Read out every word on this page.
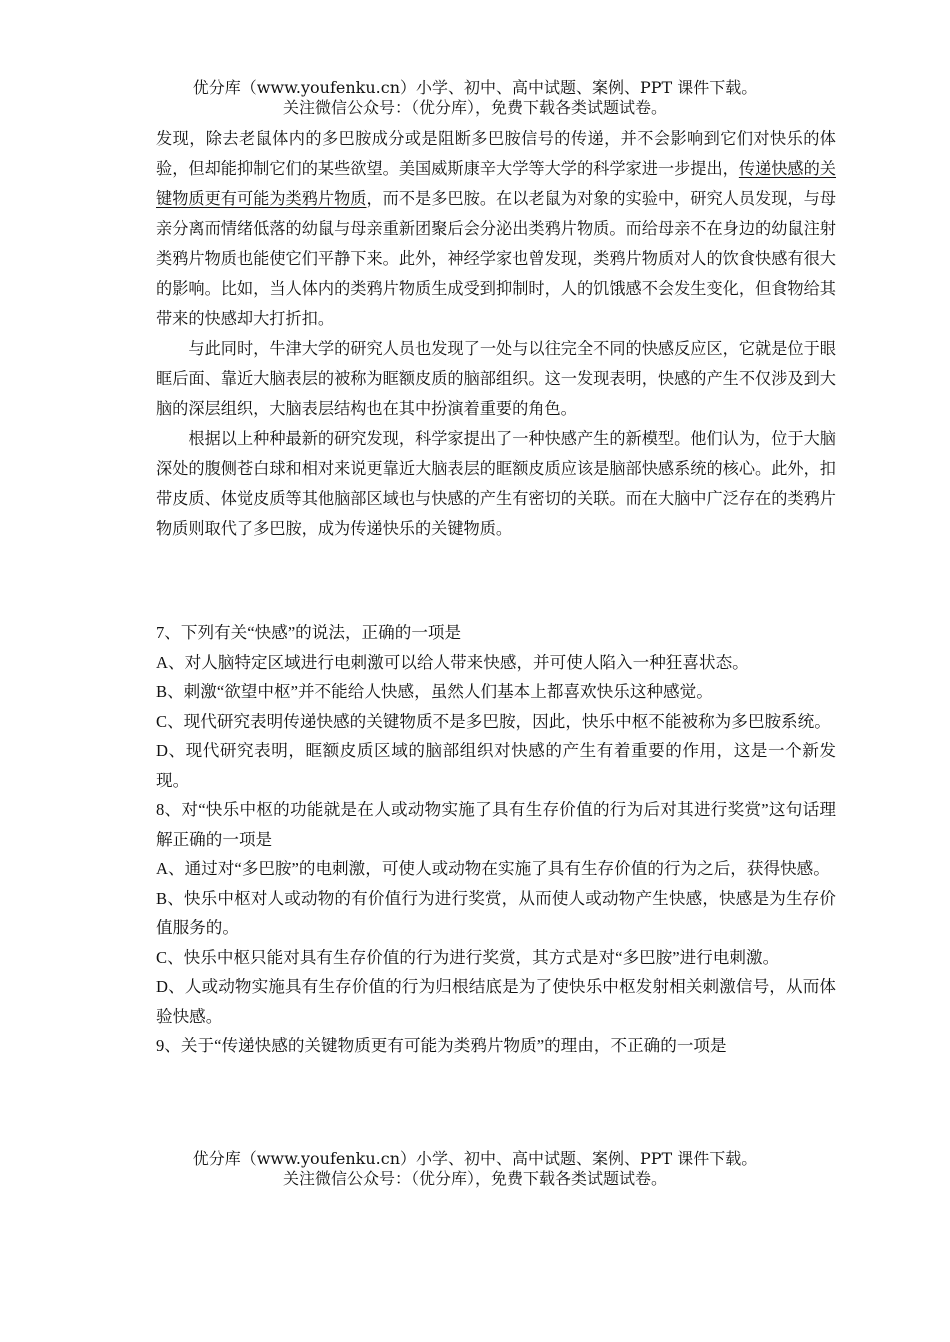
优分库（www.youfenku.cn）小学、初中、高中试题、案例、PPT 课件下载。
关注微信公众号：（优分库），免费下载各类试题试卷。

发现，除去老鼠体内的多巴胺成分或是阻断多巴胺信号的传递，并不会影响到它们对快乐的体验，但却能抑制它们的某些欲望。美国威斯康辛大学等大学的科学家进一步提出，传递快感的关键物质更有可能为类鸦片物质，而不是多巴胺。在以老鼠为对象的实验中，研究人员发现，与母亲分离而情绪低落的幼鼠与母亲重新团聚后会分泌出类鸦片物质。而给母亲不在身边的幼鼠注射类鸦片物质也能使它们平静下来。此外，神经学家也曾发现，类鸦片物质对人的饮食快感有很大的影响。比如，当人体内的类鸦片物质生成受到抑制时，人的饥饿感不会发生变化，但食物给其带来的快感却大打折扣。

与此同时，牛津大学的研究人员也发现了一处与以往完全不同的快感反应区，它就是位于眼眶后面、靠近大脑表层的被称为眶额皮质的脑部组织。这一发现表明，快感的产生不仅涉及到大脑的深层组织，大脑表层结构也在其中扮演着重要的角色。

根据以上种种最新的研究发现，科学家提出了一种快感产生的新模型。他们认为，位于大脑深处的腹侧苍白球和相对来说更靠近大脑表层的眶额皮质应该是脑部快感系统的核心。此外，扣带皮质、体觉皮质等其他脑部区域也与快感的产生有密切的关联。而在大脑中广泛存在的类鸦片物质则取代了多巴胺，成为传递快乐的关键物质。

7、下列有关“快感”的说法，正确的一项是

A、对人脑特定区域进行电刺激可以给人带来快感，并可使人陷入一种狂喜状态。

B、刺激“欲望中枢”并不能给人快感，虽然人们基本上都喜欢快乐这种感觉。

C、现代研究表明传递快感的关键物质不是多巴胺，因此，快乐中枢不能被称为多巴胺系统。

D、现代研究表明，眶额皮质区域的脑部组织对快感的产生有着重要的作用，这是一个新发现。

8、对“快乐中枢的功能就是在人或动物实施了具有生存价值的行为后对其进行奖赏”这句话理解正确的一项是

A、通过对“多巴胺”的电刺激，可使人或动物在实施了具有生存价值的行为之后，获得快感。

B、快乐中枢对人或动物的有价值行为进行奖赏，从而使人或动物产生快感，快感是为生存价值服务的。

C、快乐中枢只能对具有生存价值的行为进行奖赏，其方式是对“多巴胺”进行电刺激。

D、人或动物实施具有生存价值的行为归根结底是为了使快乐中枢发射相关刺激信号，从而体验快感。

9、关于“传递快感的关键物质更有可能为类鸦片物质”的理由，不正确的一项是

优分库（www.youfenku.cn）小学、初中、高中试题、案例、PPT 课件下载。
关注微信公众号：（优分库），免费下载各类试题试卷。
